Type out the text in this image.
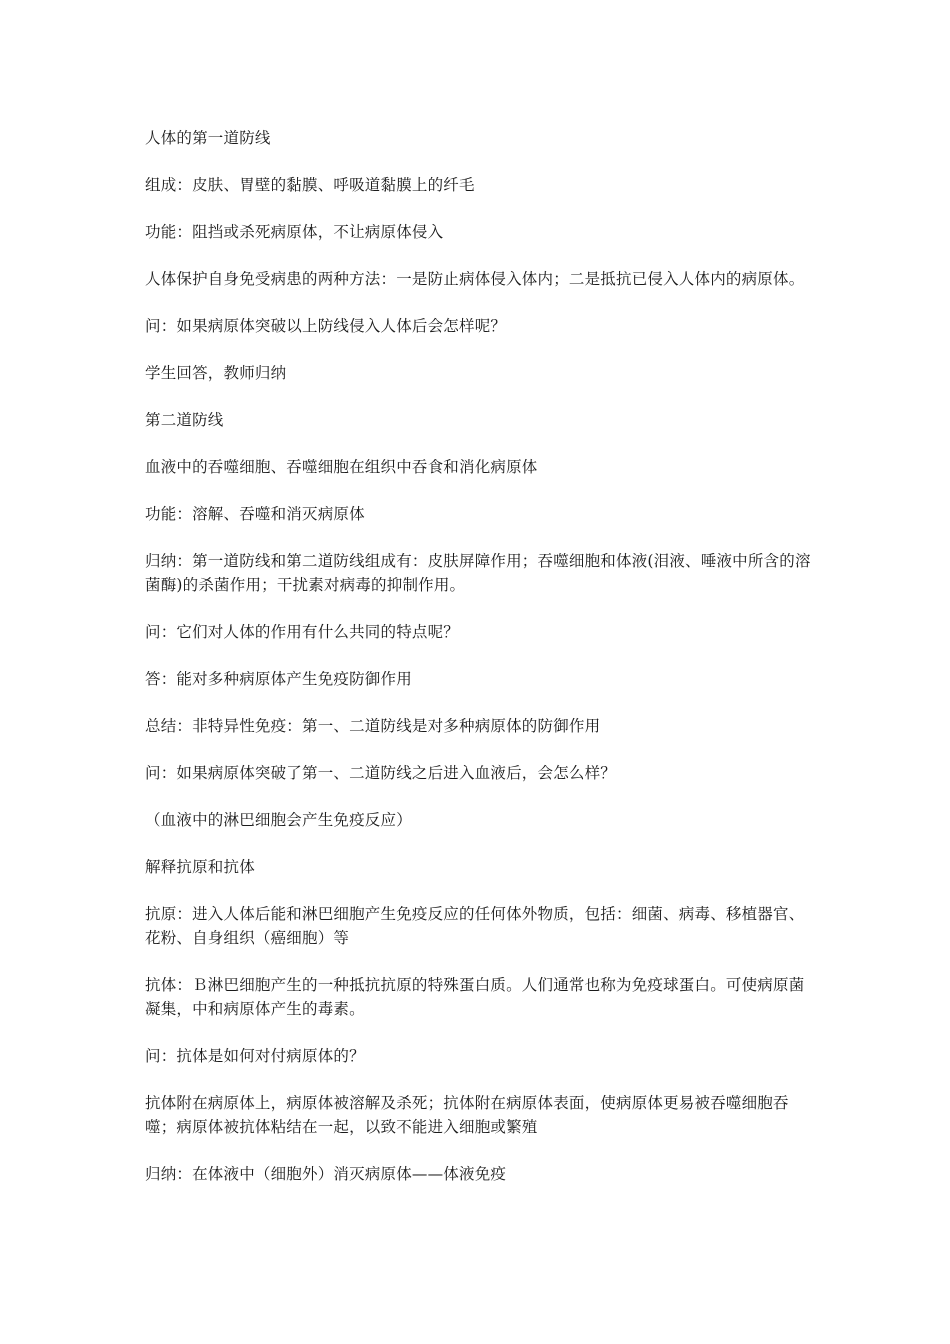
人体的第一道防线

组成：皮肤、胃壁的黏膜、呼吸道黏膜上的纤毛

功能：阻挡或杀死病原体，不让病原体侵入

人体保护自身免受病患的两种方法：一是防止病体侵入体内；二是抵抗已侵入人体内的病原体。

问：如果病原体突破以上防线侵入人体后会怎样呢？

学生回答，教师归纳

第二道防线

血液中的吞噬细胞、吞噬细胞在组织中吞食和消化病原体

功能：溶解、吞噬和消灭病原体

归纳：第一道防线和第二道防线组成有：皮肤屏障作用；吞噬细胞和体液(泪液、唾液中所含的溶菌酶)的杀菌作用；干扰素对病毒的抑制作用。

问：它们对人体的作用有什么共同的特点呢？

答：能对多种病原体产生免疫防御作用

总结：非特异性免疫：第一、二道防线是对多种病原体的防御作用

问：如果病原体突破了第一、二道防线之后进入血液后，会怎么样？

（血液中的淋巴细胞会产生免疫反应）

解释抗原和抗体

抗原：进入人体后能和淋巴细胞产生免疫反应的任何体外物质，包括：细菌、病毒、移植器官、花粉、自身组织（癌细胞）等

抗体：Ｂ淋巴细胞产生的一种抵抗抗原的特殊蛋白质。人们通常也称为免疫球蛋白。可使病原菌凝集，中和病原体产生的毒素。

问：抗体是如何对付病原体的？

抗体附在病原体上，病原体被溶解及杀死；抗体附在病原体表面，使病原体更易被吞噬细胞吞噬；病原体被抗体粘结在一起，以致不能进入细胞或繁殖

归纳：在体液中（细胞外）消灭病原体——体液免疫
